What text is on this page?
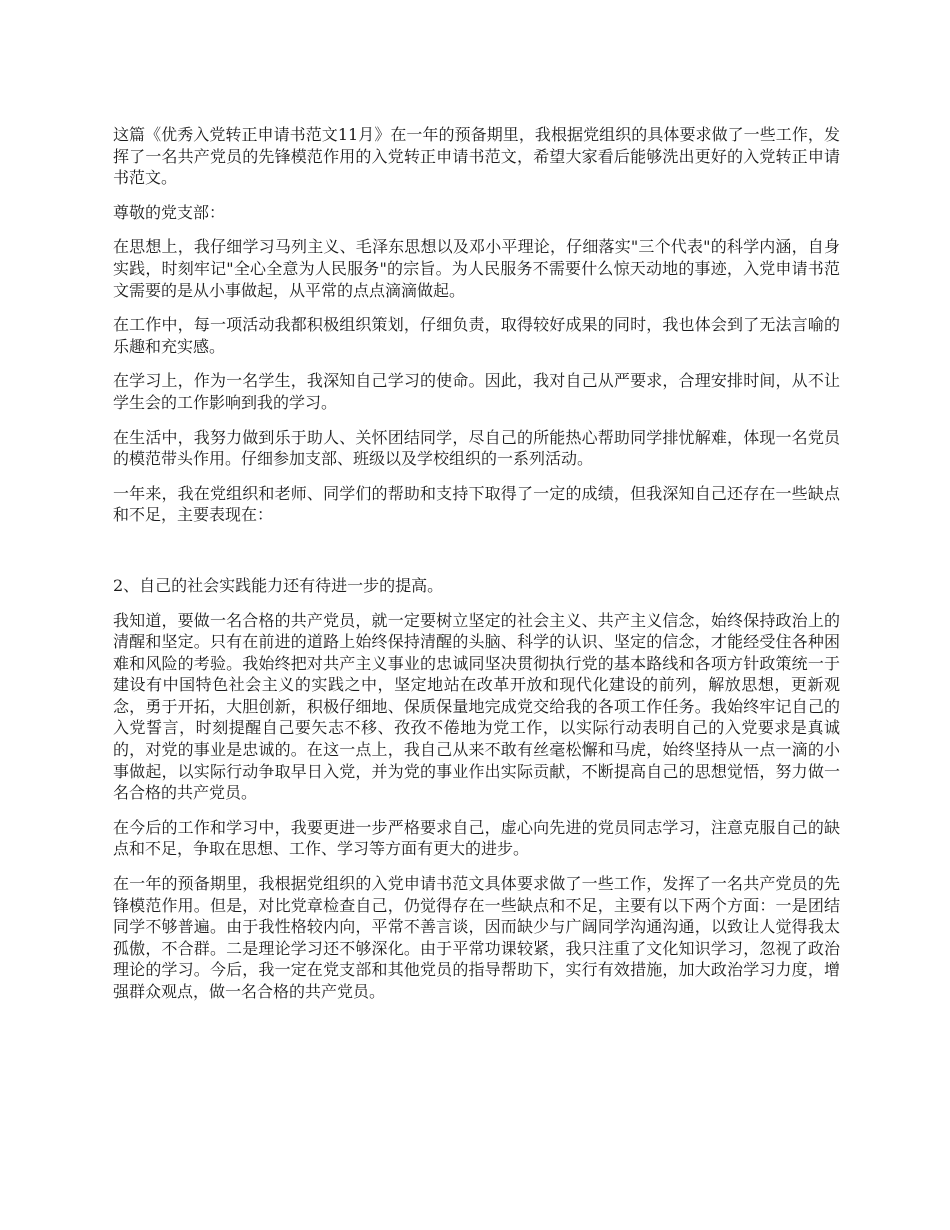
这篇《优秀入党转正申请书范文11月》在一年的预备期里，我根据党组织的具体要求做了一些工作，发挥了一名共产党员的先锋模范作用的入党转正申请书范文，希望大家看后能够洗出更好的入党转正申请书范文。

尊敬的党支部：

在思想上，我仔细学习马列主义、毛泽东思想以及邓小平理论，仔细落实"三个代表"的科学内涵，自身实践，时刻牢记"全心全意为人民服务"的宗旨。为人民服务不需要什么惊天动地的事迹，入党申请书范文需要的是从小事做起，从平常的点点滴滴做起。

在工作中，每一项活动我都积极组织策划，仔细负责，取得较好成果的同时，我也体会到了无法言喻的乐趣和充实感。

在学习上，作为一名学生，我深知自己学习的使命。因此，我对自己从严要求，合理安排时间，从不让学生会的工作影响到我的学习。

在生活中，我努力做到乐于助人、关怀团结同学，尽自己的所能热心帮助同学排忧解难，体现一名党员的模范带头作用。仔细参加支部、班级以及学校组织的一系列活动。

一年来，我在党组织和老师、同学们的帮助和支持下取得了一定的成绩，但我深知自己还存在一些缺点和不足，主要表现在：

2、自己的社会实践能力还有待进一步的提高。

我知道，要做一名合格的共产党员，就一定要树立坚定的社会主义、共产主义信念，始终保持政治上的清醒和坚定。只有在前进的道路上始终保持清醒的头脑、科学的认识、坚定的信念，才能经受住各种困难和风险的考验。我始终把对共产主义事业的忠诚同坚决贯彻执行党的基本路线和各项方针政策统一于建设有中国特色社会主义的实践之中，坚定地站在改革开放和现代化建设的前列，解放思想，更新观念，勇于开拓，大胆创新，积极仔细地、保质保量地完成党交给我的各项工作任务。我始终牢记自己的入党誓言，时刻提醒自己要矢志不移、孜孜不倦地为党工作，以实际行动表明自己的入党要求是真诚的，对党的事业是忠诚的。在这一点上，我自己从来不敢有丝毫松懈和马虎，始终坚持从一点一滴的小事做起，以实际行动争取早日入党，并为党的事业作出实际贡献，不断提高自己的思想觉悟，努力做一名合格的共产党员。

在今后的工作和学习中，我要更进一步严格要求自己，虚心向先进的党员同志学习，注意克服自己的缺点和不足，争取在思想、工作、学习等方面有更大的进步。

在一年的预备期里，我根据党组织的入党申请书范文具体要求做了一些工作，发挥了一名共产党员的先锋模范作用。但是，对比党章检查自己，仍觉得存在一些缺点和不足，主要有以下两个方面：一是团结同学不够普遍。由于我性格较内向，平常不善言谈，因而缺少与广阔同学沟通沟通，以致让人觉得我太孤傲，不合群。二是理论学习还不够深化。由于平常功课较紧，我只注重了文化知识学习，忽视了政治理论的学习。今后，我一定在党支部和其他党员的指导帮助下，实行有效措施，加大政治学习力度，增强群众观点，做一名合格的共产党员。
